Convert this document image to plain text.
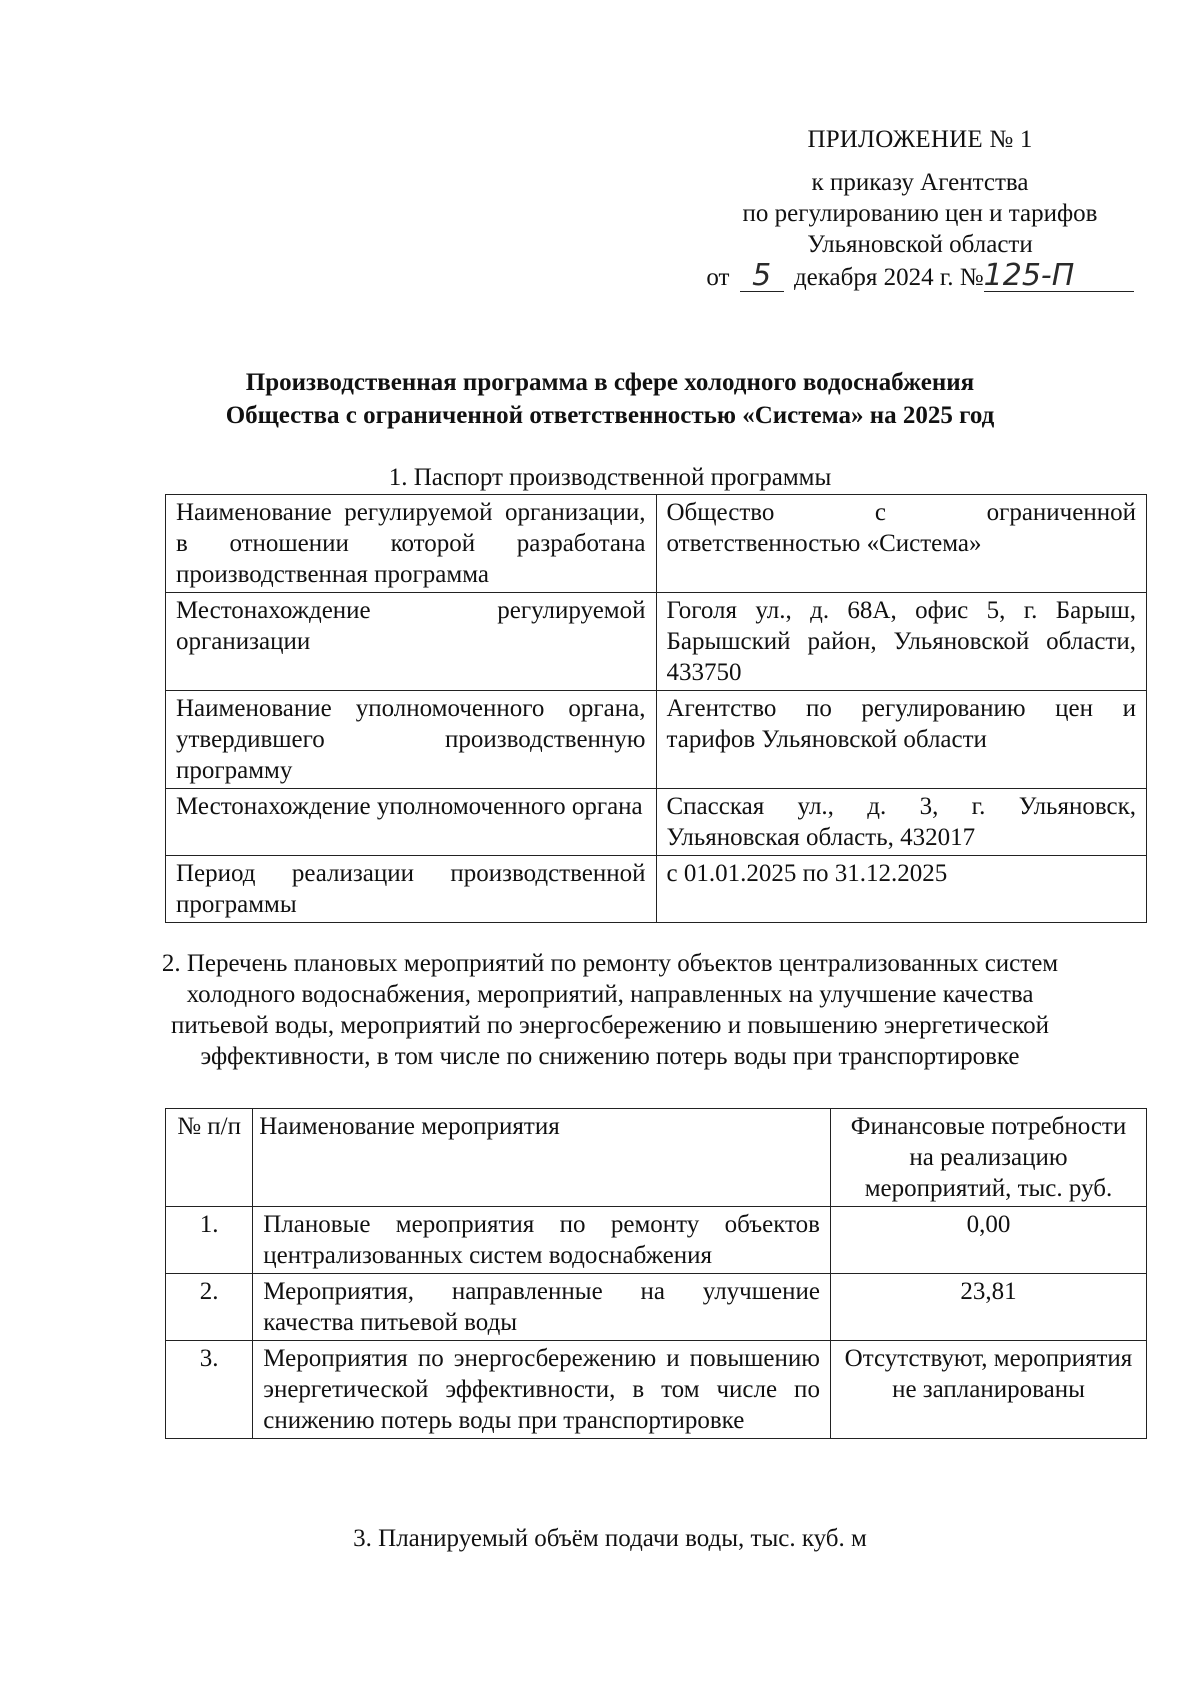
ПРИЛОЖЕНИЕ № 1
к приказу Агентства
по регулированию цен и тарифов
Ульяновской области
от 5 декабря 2024 г. №125-П
Производственная программа в сфере холодного водоснабжения
Общества с ограниченной ответственностью «Система» на 2025 год
1. Паспорт производственной программы
Наименование регулируемой организации, в отношении которой разработана производственная программа	Общество с ограниченной ответственностью «Система»
Местонахождение регулируемой организации	Гоголя ул., д. 68А, офис 5, г. Барыш, Барышский район, Ульяновской области, 433750
Наименование уполномоченного органа, утвердившего производственную программу	Агентство по регулированию цен и тарифов Ульяновской области
Местонахождение уполномоченного органа	Спасская ул., д. 3, г. Ульяновск, Ульяновская область, 432017
Период реализации производственной программы	с 01.01.2025 по 31.12.2025
2. Перечень плановых мероприятий по ремонту объектов централизованных систем холодного водоснабжения, мероприятий, направленных на улучшение качества питьевой воды, мероприятий по энергосбережению и повышению энергетической эффективности, в том числе по снижению потерь воды при транспортировке
№ п/п	Наименование мероприятия	Финансовые потребности на реализацию мероприятий, тыс. руб.
1.	Плановые мероприятия по ремонту объектов централизованных систем водоснабжения	0,00
2.	Мероприятия, направленные на улучшение качества питьевой воды	23,81
3.	Мероприятия по энергосбережению и повышению энергетической эффективности, в том числе по снижению потерь воды при транспортировке	Отсутствуют, мероприятия не запланированы
3. Планируемый объём подачи воды, тыс. куб. м
